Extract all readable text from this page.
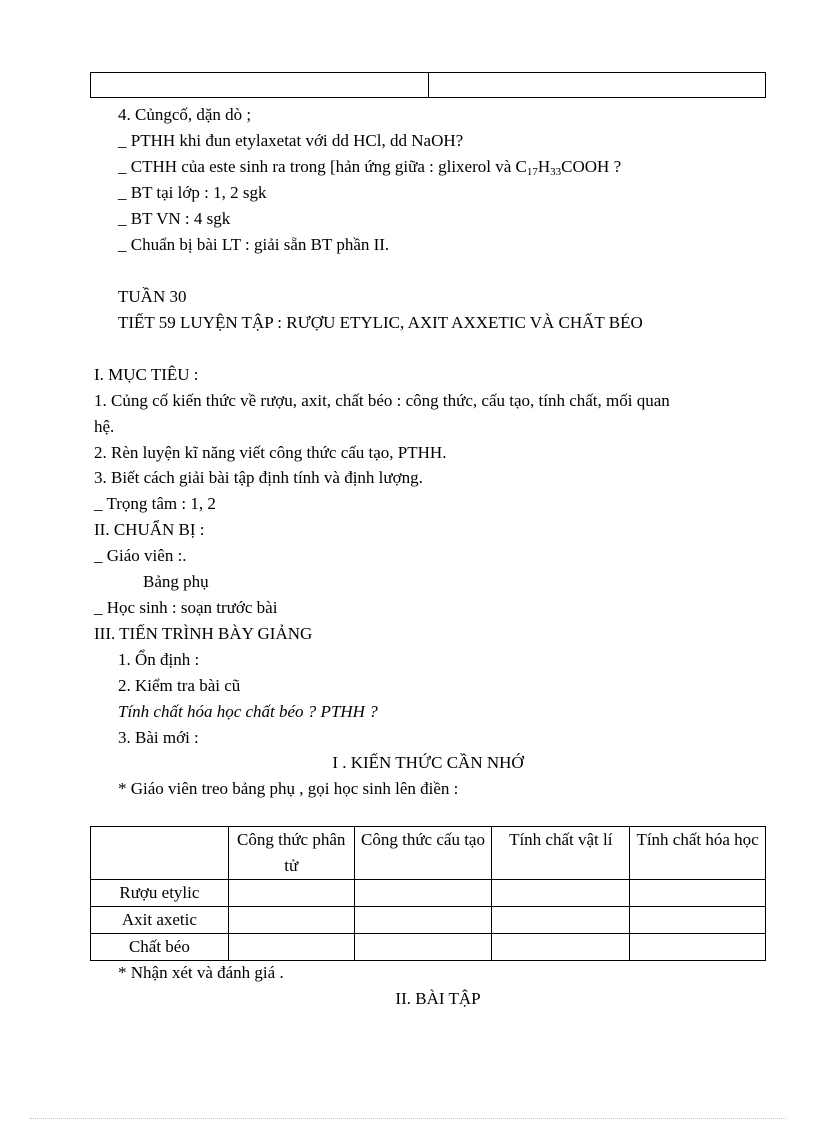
4. Củngcố, dặn dò ;
_ PTHH khi đun etylaxetat với dd HCl, dd NaOH?
_ CTHH của este sinh ra trong [hản ứng giữa : glixerol và $C_{17}H_{33}COOH$ ?
_ BT tại lớp : 1, 2 sgk
_ BT VN : 4 sgk
_ Chuẩn bị bài LT : giải sẵn BT phần II.
TUẦN 30
TIẾT 59 LUYỆN TẬP : RƯỢU ETYLIC, AXIT AXXETIC VÀ CHẤT BÉO
I. MỤC TIÊU :
1. Củng cố kiến thức về rượu, axit, chất béo : công thức, cấu tạo, tính chất, mối quan
hệ.
2. Rèn luyện kĩ năng viết công thức cấu tạo, PTHH.
3. Biết cách giải bài tập định tính và định lượng.
_ Trọng tâm : 1, 2
II. CHUẨN BỊ :
_ Giáo viên :.
Bảng phụ
_ Học sinh : soạn trước bài
III. TIẾN TRÌNH BÀY GIẢNG
1. Ổn định :
2. Kiểm tra bài cũ
Tính chất hóa học chất béo ? PTHH ?
3. Bài mới :
I . KIẾN THỨC CẦN NHỚ
* Giáo viên treo bảng phụ , gọi học sinh lên điền :
	Công thức phân tử	Công thức cấu tạo	Tính chất vật lí	Tính chất hóa học
Rượu etylic				
Axit axetic				
Chất béo				
* Nhận xét và đánh giá .
II. BÀI TẬP
